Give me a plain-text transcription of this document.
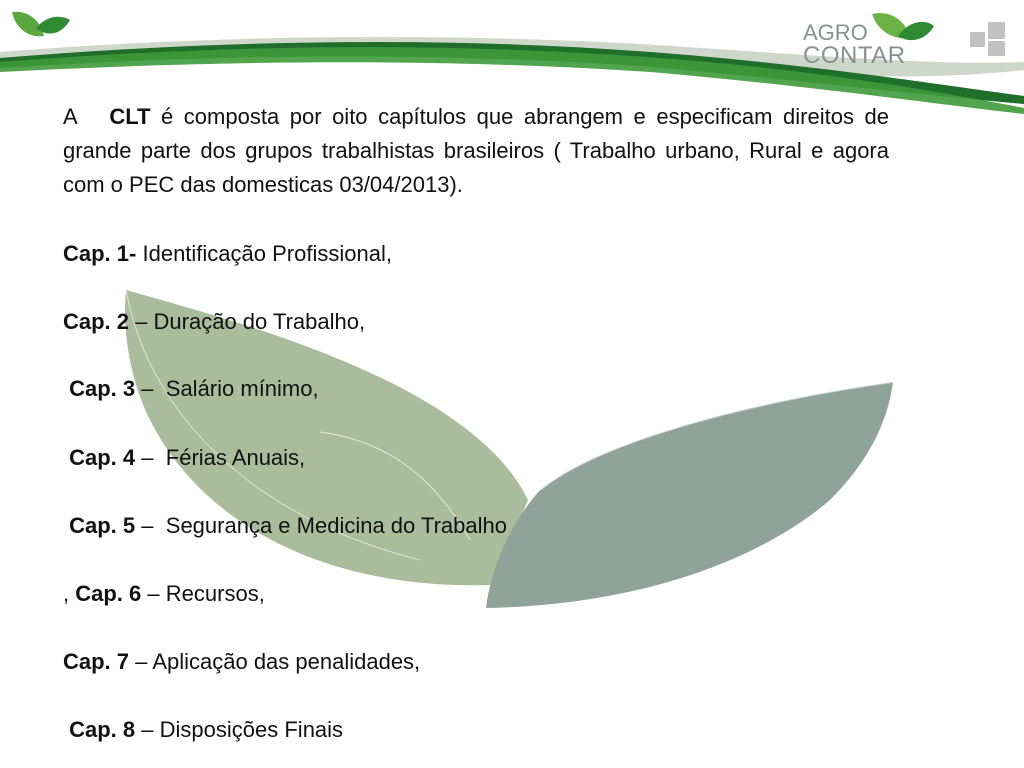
AGRO
CONTAR

A CLT é composta por oito capítulos que abrangem e especificam direitos de grande parte dos grupos trabalhistas brasileiros ( Trabalho urbano, Rural e agora com o PEC das domesticas 03/04/2013).

Cap. 1- Identificação Profissional,

Cap. 2 – Duração do Trabalho,

Cap. 3 –  Salário mínimo,

Cap. 4 –  Férias Anuais,

Cap. 5 –  Segurança e Medicina do Trabalho

, Cap. 6 – Recursos,

Cap. 7 – Aplicação das penalidades,

Cap. 8 – Disposições Finais
